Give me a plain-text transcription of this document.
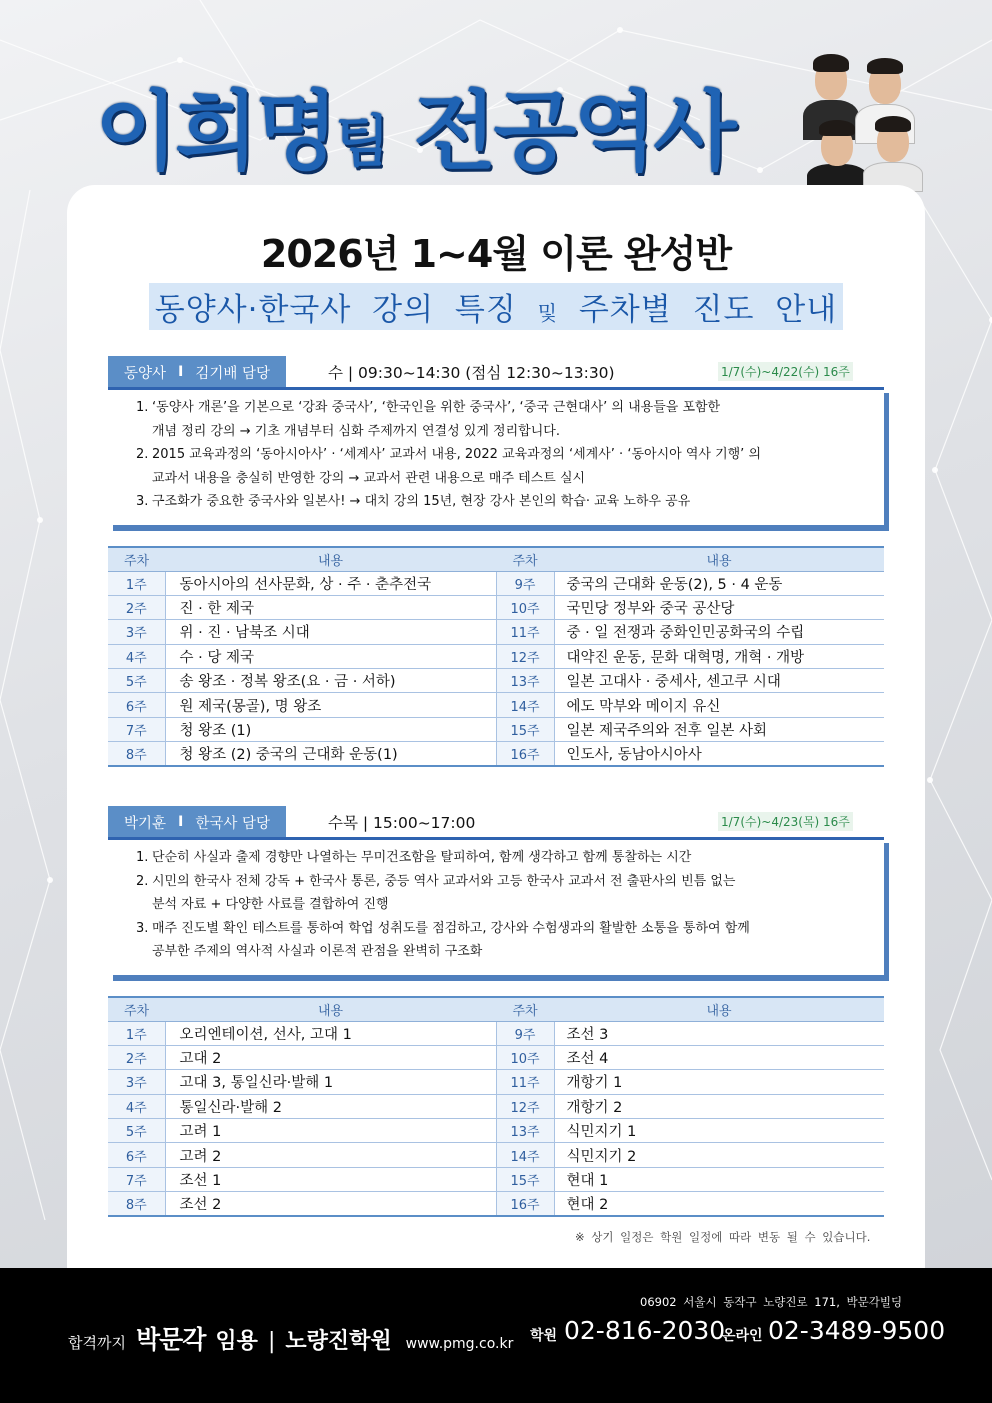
이희명팀 전공역사
2026년 1~4월 이론 완성반
동양사·한국사 강의 특징 및 주차별 진도 안내
동양사 I 김기배 담당	수 | 09:30~14:30 (점심 12:30~13:30)	1/7(수)~4/22(수) 16주
1. ‘동양사 개론’을 기본으로 ‘강좌 중국사’, ‘한국인을 위한 중국사’, ‘중국 근현대사’ 의 내용들을 포함한
개념 정리 강의 → 기초 개념부터 심화 주제까지 연결성 있게 정리합니다.
2. 2015 교육과정의 ‘동아시아사’ · ‘세계사’ 교과서 내용, 2022 교육과정의 ‘세계사’ · ‘동아시아 역사 기행’ 의
교과서 내용을 충실히 반영한 강의 → 교과서 관련 내용으로 매주 테스트 실시
3. 구조화가 중요한 중국사와 일본사! → 대치 강의 15년, 현장 강사 본인의 학습· 교육 노하우 공유
주차	내용	주차	내용
1주	동아시아의 선사문화, 상 · 주 · 춘추전국	9주	중국의 근대화 운동(2), 5 · 4 운동
2주	진 · 한 제국	10주	국민당 정부와 중국 공산당
3주	위 · 진 · 남북조 시대	11주	중 · 일 전쟁과 중화인민공화국의 수립
4주	수 · 당 제국	12주	대약진 운동, 문화 대혁명, 개혁 · 개방
5주	송 왕조 · 정복 왕조(요 · 금 · 서하)	13주	일본 고대사 · 중세사, 센고쿠 시대
6주	원 제국(몽골), 명 왕조	14주	에도 막부와 메이지 유신
7주	청 왕조 (1)	15주	일본 제국주의와 전후 일본 사회
8주	청 왕조 (2) 중국의 근대화 운동(1)	16주	인도사, 동남아시아사
박기훈 I 한국사 담당	수목 | 15:00~17:00	1/7(수)~4/23(목) 16주
1. 단순히 사실과 출제 경향만 나열하는 무미건조함을 탈피하여, 함께 생각하고 함께 통찰하는 시간
2. 시민의 한국사 전체 강독 + 한국사 통론, 중등 역사 교과서와 고등 한국사 교과서 전 출판사의 빈틈 없는
분석 자료 + 다양한 사료를 결합하여 진행
3. 매주 진도별 확인 테스트를 통하여 학업 성취도를 점검하고, 강사와 수험생과의 활발한 소통을 통하여 함께
공부한 주제의 역사적 사실과 이론적 관점을 완벽히 구조화
주차	내용	주차	내용
1주	오리엔테이션, 선사, 고대 1	9주	조선 3
2주	고대 2	10주	조선 4
3주	고대 3, 통일신라·발해 1	11주	개항기 1
4주	통일신라·발해 2	12주	개항기 2
5주	고려 1	13주	식민지기 1
6주	고려 2	14주	식민지기 2
7주	조선 1	15주	현대 1
8주	조선 2	16주	현대 2
※ 상기 일정은 학원 일정에 따라 변동 될 수 있습니다.
06902 서울시 동작구 노량진로 171, 박문각빌딩
합격까지 박문각 임용 | 노량진학원 www.pmg.co.kr 학원 02-816-2030
온라인 02-3489-9500
